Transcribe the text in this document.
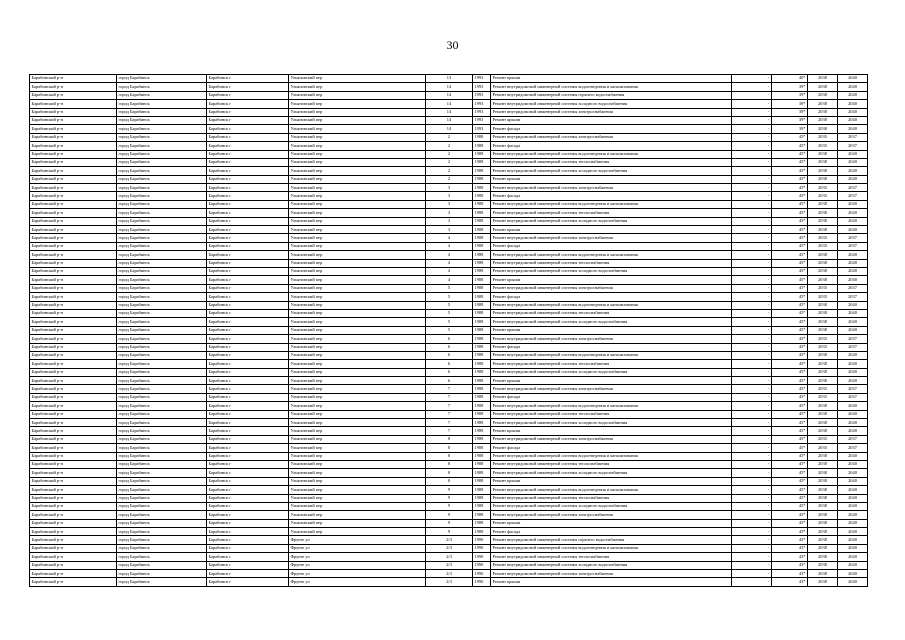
30
Барабинский р-н	город Барабинск	Барабинск г	Ульяновский пер	13	1993	Ремонт крыши	-	40*	2038	2040
Барабинский р-н	город Барабинск	Барабинск г	Ульяновский пер	14	1993	Ремонт внутридомовой инженерной системы водоотведения и канализования	-	39*	2038	2040
Барабинский р-н	город Барабинск	Барабинск г	Ульяновский пер	14	1993	Ремонт внутридомовой инженерной системы горячего водоснабжения	-	39*	2038	2040
Барабинский р-н	город Барабинск	Барабинск г	Ульяновский пер	14	1993	Ремонт внутридомовой инженерной системы холодного водоснабжения	-	39*	2038	2040
Барабинский р-н	город Барабинск	Барабинск г	Ульяновский пер	14	1993	Ремонт внутридомовой инженерной системы электроснабжения	-	39*	2038	2040
Барабинский р-н	город Барабинск	Барабинск г	Ульяновский пер	14	1993	Ремонт крыши	-	39*	2038	2040
Барабинский р-н	город Барабинск	Барабинск г	Ульяновский пер	14	1993	Ремонт фасада	-	39*	2038	2040
Барабинский р-н	город Барабинск	Барабинск г	Ульяновский пер	2	1988	Ремонт внутридомовой инженерной системы электроснабжения	-	45*	2035	2037
Барабинский р-н	город Барабинск	Барабинск г	Ульяновский пер	2	1988	Ремонт фасада	-	45*	2035	2037
Барабинский р-н	город Барабинск	Барабинск г	Ульяновский пер	2	1988	Ремонт внутридомовой инженерной системы водоотведения и канализования	-	45*	2038	2040
Барабинский р-н	город Барабинск	Барабинск г	Ульяновский пер	2	1988	Ремонт внутридомовой инженерной системы теплоснабжения	-	45*	2038	2040
Барабинский р-н	город Барабинск	Барабинск г	Ульяновский пер	2	1988	Ремонт внутридомовой инженерной системы холодного водоснабжения	-	45*	2038	2040
Барабинский р-н	город Барабинск	Барабинск г	Ульяновский пер	2	1988	Ремонт крыши	-	45*	2038	2040
Барабинский р-н	город Барабинск	Барабинск г	Ульяновский пер	3	1988	Ремонт внутридомовой инженерной системы электроснабжения	-	45*	2035	2037
Барабинский р-н	город Барабинск	Барабинск г	Ульяновский пер	3	1988	Ремонт фасада	-	45*	2035	2037
Барабинский р-н	город Барабинск	Барабинск г	Ульяновский пер	3	1988	Ремонт внутридомовой инженерной системы водоотведения и канализования	-	45*	2038	2040
Барабинский р-н	город Барабинск	Барабинск г	Ульяновский пер	3	1988	Ремонт внутридомовой инженерной системы теплоснабжения	-	45*	2038	2040
Барабинский р-н	город Барабинск	Барабинск г	Ульяновский пер	3	1988	Ремонт внутридомовой инженерной системы холодного водоснабжения	-	45*	2038	2040
Барабинский р-н	город Барабинск	Барабинск г	Ульяновский пер	3	1988	Ремонт крыши	-	45*	2038	2040
Барабинский р-н	город Барабинск	Барабинск г	Ульяновский пер	4	1988	Ремонт внутридомовой инженерной системы электроснабжения	-	45*	2035	2037
Барабинский р-н	город Барабинск	Барабинск г	Ульяновский пер	4	1988	Ремонт фасада	-	45*	2035	2037
Барабинский р-н	город Барабинск	Барабинск г	Ульяновский пер	4	1988	Ремонт внутридомовой инженерной системы водоотведения и канализования	-	45*	2038	2040
Барабинский р-н	город Барабинск	Барабинск г	Ульяновский пер	4	1988	Ремонт внутридомовой инженерной системы теплоснабжения	-	45*	2038	2040
Барабинский р-н	город Барабинск	Барабинск г	Ульяновский пер	4	1988	Ремонт внутридомовой инженерной системы холодного водоснабжения	-	45*	2038	2040
Барабинский р-н	город Барабинск	Барабинск г	Ульяновский пер	4	1988	Ремонт крыши	-	45*	2038	2040
Барабинский р-н	город Барабинск	Барабинск г	Ульяновский пер	5	1988	Ремонт внутридомовой инженерной системы электроснабжения	-	45*	2035	2037
Барабинский р-н	город Барабинск	Барабинск г	Ульяновский пер	5	1988	Ремонт фасада	-	45*	2035	2037
Барабинский р-н	город Барабинск	Барабинск г	Ульяновский пер	5	1988	Ремонт внутридомовой инженерной системы водоотведения и канализования	-	45*	2038	2040
Барабинский р-н	город Барабинск	Барабинск г	Ульяновский пер	5	1988	Ремонт внутридомовой инженерной системы теплоснабжения	-	45*	2038	2040
Барабинский р-н	город Барабинск	Барабинск г	Ульяновский пер	5	1988	Ремонт внутридомовой инженерной системы холодного водоснабжения	-	45*	2038	2040
Барабинский р-н	город Барабинск	Барабинск г	Ульяновский пер	5	1988	Ремонт крыши	-	45*	2038	2040
Барабинский р-н	город Барабинск	Барабинск г	Ульяновский пер	6	1988	Ремонт внутридомовой инженерной системы электроснабжения	-	45*	2035	2037
Барабинский р-н	город Барабинск	Барабинск г	Ульяновский пер	6	1988	Ремонт фасада	-	45*	2035	2037
Барабинский р-н	город Барабинск	Барабинск г	Ульяновский пер	6	1988	Ремонт внутридомовой инженерной системы водоотведения и канализования	-	45*	2038	2040
Барабинский р-н	город Барабинск	Барабинск г	Ульяновский пер	6	1988	Ремонт внутридомовой инженерной системы теплоснабжения	-	45*	2038	2040
Барабинский р-н	город Барабинск	Барабинск г	Ульяновский пер	6	1988	Ремонт внутридомовой инженерной системы холодного водоснабжения	-	45*	2038	2040
Барабинский р-н	город Барабинск	Барабинск г	Ульяновский пер	6	1988	Ремонт крыши	-	45*	2038	2040
Барабинский р-н	город Барабинск	Барабинск г	Ульяновский пер	7	1988	Ремонт внутридомовой инженерной системы электроснабжения	-	45*	2035	2037
Барабинский р-н	город Барабинск	Барабинск г	Ульяновский пер	7	1988	Ремонт фасада	-	45*	2035	2037
Барабинский р-н	город Барабинск	Барабинск г	Ульяновский пер	7	1988	Ремонт внутридомовой инженерной системы водоотведения и канализования	-	45*	2038	2040
Барабинский р-н	город Барабинск	Барабинск г	Ульяновский пер	7	1988	Ремонт внутридомовой инженерной системы теплоснабжения	-	45*	2038	2040
Барабинский р-н	город Барабинск	Барабинск г	Ульяновский пер	7	1988	Ремонт внутридомовой инженерной системы холодного водоснабжения	-	45*	2038	2040
Барабинский р-н	город Барабинск	Барабинск г	Ульяновский пер	7	1988	Ремонт крыши	-	45*	2038	2040
Барабинский р-н	город Барабинск	Барабинск г	Ульяновский пер	8	1988	Ремонт внутридомовой инженерной системы электроснабжения	-	45*	2035	2037
Барабинский р-н	город Барабинск	Барабинск г	Ульяновский пер	8	1988	Ремонт фасада	-	45*	2035	2037
Барабинский р-н	город Барабинск	Барабинск г	Ульяновский пер	8	1988	Ремонт внутридомовой инженерной системы водоотведения и канализования	-	45*	2038	2040
Барабинский р-н	город Барабинск	Барабинск г	Ульяновский пер	8	1988	Ремонт внутридомовой инженерной системы теплоснабжения	-	45*	2038	2040
Барабинский р-н	город Барабинск	Барабинск г	Ульяновский пер	8	1988	Ремонт внутридомовой инженерной системы холодного водоснабжения	-	45*	2038	2040
Барабинский р-н	город Барабинск	Барабинск г	Ульяновский пер	8	1988	Ремонт крыши	-	45*	2038	2040
Барабинский р-н	город Барабинск	Барабинск г	Ульяновский пер	9	1988	Ремонт внутридомовой инженерной системы водоотведения и канализования	-	45*	2038	2040
Барабинский р-н	город Барабинск	Барабинск г	Ульяновский пер	9	1988	Ремонт внутридомовой инженерной системы теплоснабжения	-	45*	2038	2040
Барабинский р-н	город Барабинск	Барабинск г	Ульяновский пер	9	1988	Ремонт внутридомовой инженерной системы холодного водоснабжения	-	45*	2038	2040
Барабинский р-н	город Барабинск	Барабинск г	Ульяновский пер	9	1988	Ремонт внутридомовой инженерной системы электроснабжения	-	45*	2038	2040
Барабинский р-н	город Барабинск	Барабинск г	Ульяновский пер	9	1988	Ремонт крыши	-	45*	2038	2040
Барабинский р-н	город Барабинск	Барабинск г	Ульяновский пер	9	1988	Ремонт фасада	-	45*	2038	2040
Барабинский р-н	город Барабинск	Барабинск г	Фрунзе ул	2/3	1990	Ремонт внутридомовой инженерной системы горячего водоснабжения	-	43*	2038	2040
Барабинский р-н	город Барабинск	Барабинск г	Фрунзе ул	2/3	1990	Ремонт внутридомовой инженерной системы водоотведения и канализования	-	43*	2038	2040
Барабинский р-н	город Барабинск	Барабинск г	Фрунзе ул	2/3	1990	Ремонт внутридомовой инженерной системы теплоснабжения	-	43*	2038	2040
Барабинский р-н	город Барабинск	Барабинск г	Фрунзе ул	2/3	1990	Ремонт внутридомовой инженерной системы холодного водоснабжения	-	43*	2038	2040
Барабинский р-н	город Барабинск	Барабинск г	Фрунзе ул	2/3	1990	Ремонт внутридомовой инженерной системы электроснабжения	-	43*	2038	2040
Барабинский р-н	город Барабинск	Барабинск г	Фрунзе ул	2/3	1990	Ремонт крыши	-	43*	2038	2040
